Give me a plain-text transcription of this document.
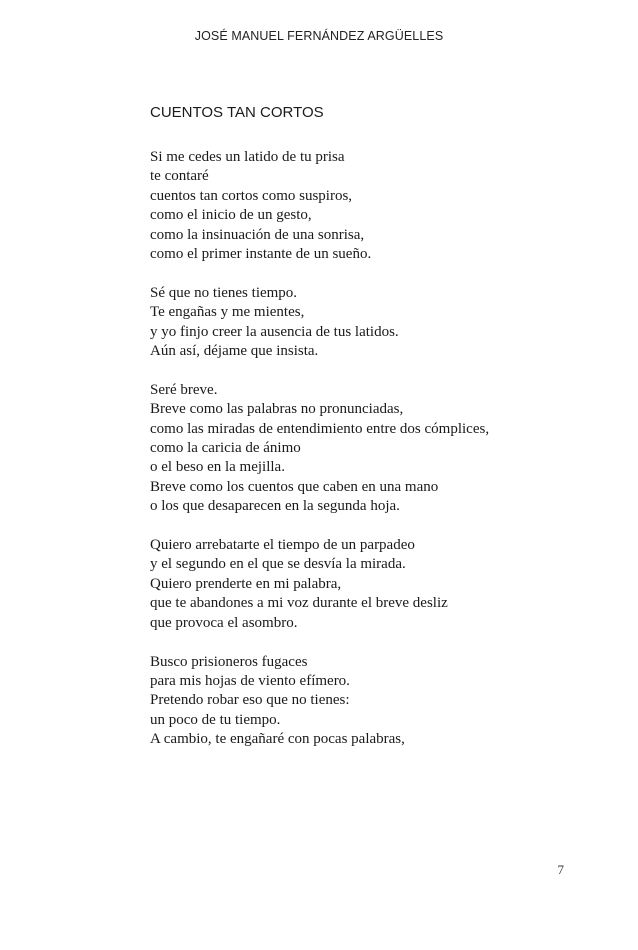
JOSÉ MANUEL FERNÁNDEZ ARGÜELLES
CUENTOS TAN CORTOS
Si me cedes un latido de tu prisa
te contaré
cuentos tan cortos como suspiros,
como el inicio de un gesto,
como la insinuación de una sonrisa,
como el primer instante de un sueño.
Sé que no tienes tiempo.
Te engañas y me mientes,
y yo finjo creer la ausencia de tus latidos.
Aún así, déjame que insista.
Seré breve.
Breve como las palabras no pronunciadas,
como las miradas de entendimiento entre dos cómplices,
como la caricia de ánimo
o el beso en la mejilla.
Breve como los cuentos que caben en una mano
o los que desaparecen en la segunda hoja.
Quiero arrebatarte el tiempo de un parpadeo
y el segundo en el que se desvía la mirada.
Quiero prenderte en mi palabra,
que te abandones a mi voz durante el breve desliz
que provoca el asombro.
Busco prisioneros fugaces
para mis hojas de viento efímero.
Pretendo robar eso que no tienes:
un poco de tu tiempo.
A cambio, te engañaré con pocas palabras,
7
